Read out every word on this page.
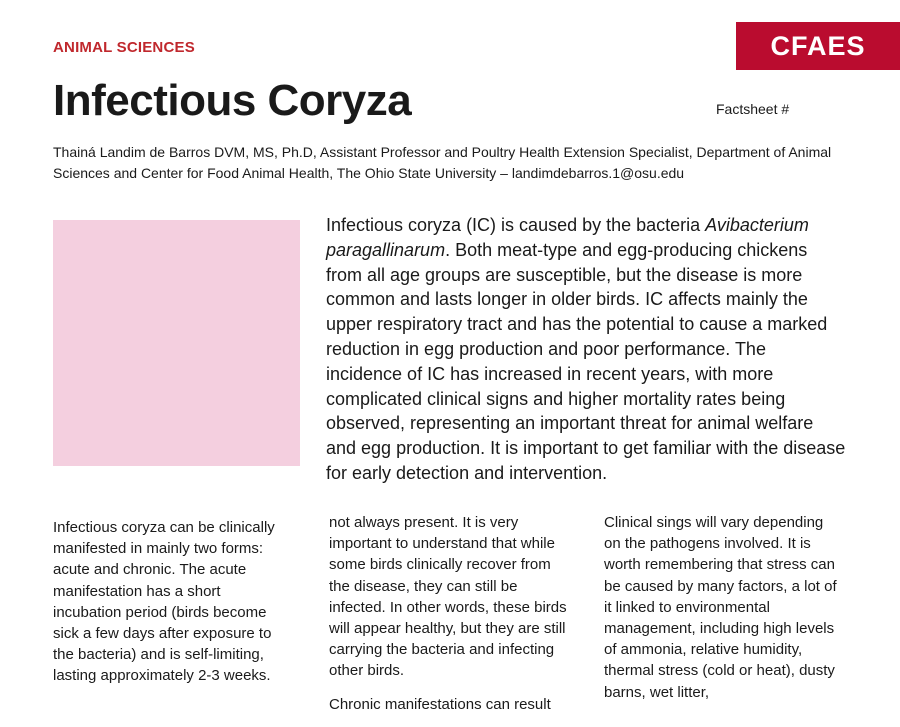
ANIMAL SCIENCES	CFAES
Infectious Coryza	Factsheet #

Thainá Landim de Barros DVM, MS, Ph.D, Assistant Professor and Poultry Health Extension Specialist, Department of Animal Sciences and Center for Food Animal Health, The Ohio State University – landimdebarros.1@osu.edu

Infectious coryza (IC) is caused by the bacteria Avibacterium paragallinarum. Both meat-type and egg-producing chickens from all age groups are susceptible, but the disease is more common and lasts longer in older birds. IC affects mainly the upper respiratory tract and has the potential to cause a marked reduction in egg production and poor performance. The incidence of IC has increased in recent years, with more complicated clinical signs and higher mortality rates being observed, representing an important threat for animal welfare and egg production. It is important to get familiar with the disease for early detection and intervention.

Infectious coryza can be clinically manifested in mainly two forms: acute and chronic. The acute manifestation has a short incubation period (birds become sick a few days after exposure to the bacteria) and is self-limiting, lasting approximately 2-3 weeks.

not always present. It is very important to understand that while some birds clinically recover from the disease, they can still be infected. In other words, these birds will appear healthy, but they are still carrying the bacteria and infecting other birds.

Chronic manifestations can result

Clinical sings will vary depending on the pathogens involved. It is worth remembering that stress can be caused by many factors, a lot of it linked to environmental management, including high levels of ammonia, relative humidity, thermal stress (cold or heat), dusty barns, wet litter,
